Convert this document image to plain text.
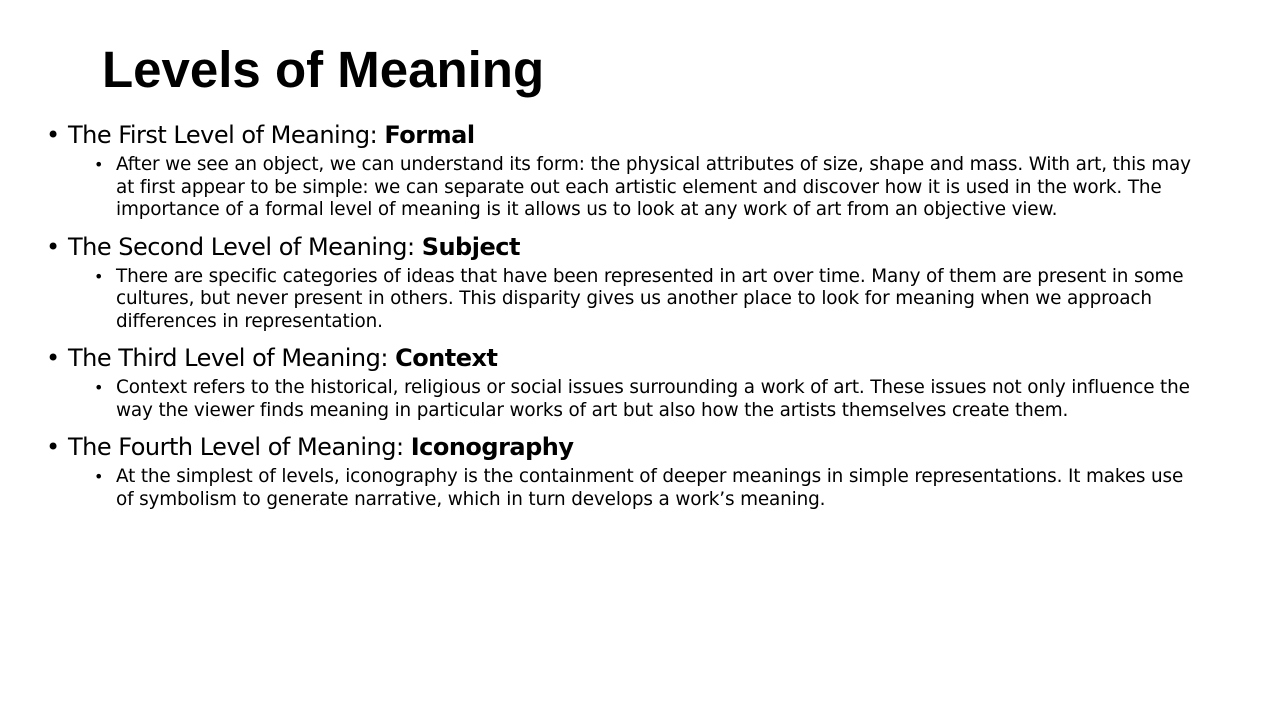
Levels of Meaning
• The First Level of Meaning: Formal
• After we see an object, we can understand its form: the physical attributes of size, shape and mass. With art, this may at first appear to be simple: we can separate out each artistic element and discover how it is used in the work. The importance of a formal level of meaning is it allows us to look at any work of art from an objective view.
• The Second Level of Meaning: Subject
• There are specific categories of ideas that have been represented in art over time. Many of them are present in some cultures, but never present in others. This disparity gives us another place to look for meaning when we approach differences in representation.
• The Third Level of Meaning: Context
• Context refers to the historical, religious or social issues surrounding a work of art. These issues not only influence the way the viewer finds meaning in particular works of art but also how the artists themselves create them.
• The Fourth Level of Meaning: Iconography
• At the simplest of levels, iconography is the containment of deeper meanings in simple representations. It makes use of symbolism to generate narrative, which in turn develops a work’s meaning.
